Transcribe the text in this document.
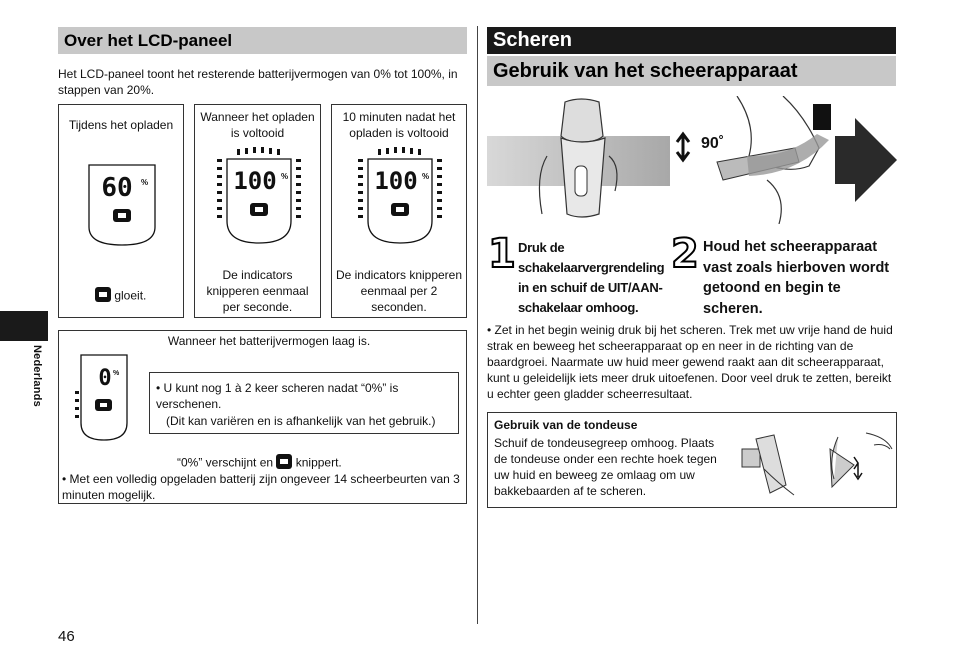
Over het LCD-paneel
Het LCD-paneel toont het resterende batterijvermogen van 0% tot 100%, in stappen van 20%.
Tijdens het opladen
60 %
gloeit.
Wanneer het opladen is voltooid
100 %
De indicators knipperen eenmaal per seconde.
10 minuten nadat het opladen is voltooid
100 %
De indicators knipperen eenmaal per 2 seconden.
Wanneer het batterijvermogen laag is.
0 %
• U kunt nog 1 à 2 keer scheren nadat “0%” is verschenen.
(Dit kan variëren en is afhankelijk van het gebruik.)
“0%” verschijnt en knippert.
• Met een volledig opgeladen batterij zijn ongeveer 14 scheerbeurten van 3 minuten mogelijk.
Nederlands
46
Scheren
Gebruik van het scheerapparaat
90˚
1 Druk de schakelaarvergrendeling in en schuif de UIT/AAN-schakelaar omhoog.
2 Houd het scheerapparaat vast zoals hierboven wordt getoond en begin te scheren.
• Zet in het begin weinig druk bij het scheren. Trek met uw vrije hand de huid strak en beweeg het scheerapparaat op en neer in de richting van de baardgroei. Naarmate uw huid meer gewend raakt aan dit scheerapparaat, kunt u geleidelijk iets meer druk uitoefenen. Door veel druk te zetten, bereikt u echter geen gladder scheerresultaat.
Gebruik van de tondeuse
Schuif de tondeusegreep omhoog. Plaats de tondeuse onder een rechte hoek tegen uw huid en beweeg ze omlaag om uw bakkebaarden af te scheren.
